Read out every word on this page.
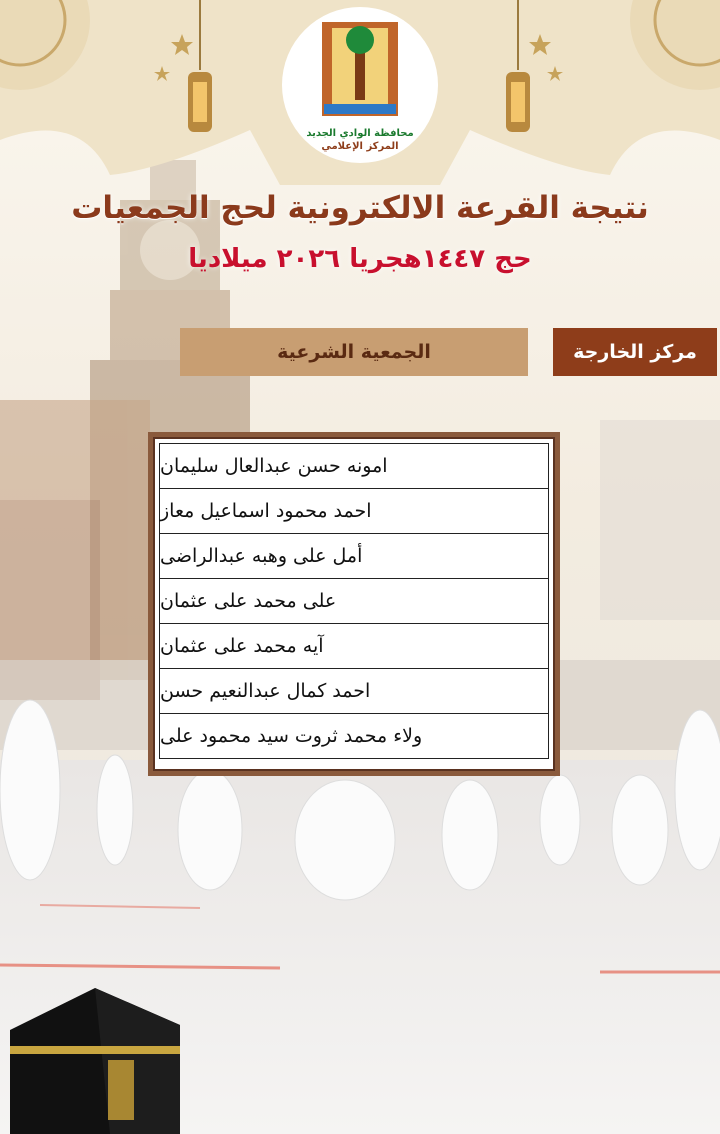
محافظة الوادي الجديد
المركز الإعلامي
نتيجة القرعة الالكترونية لحج الجمعيات
حج ١٤٤٧هجريا ٢٠٢٦ ميلاديا
الجمعية الشرعية	مركز الخارجة
امونه حسن عبدالعال سليمان
احمد محمود اسماعيل معاز
أمل على وهبه عبدالراضى
على محمد على عثمان
آيه محمد على عثمان
احمد كمال عبدالنعيم حسن
ولاء محمد ثروت سيد محمود على
